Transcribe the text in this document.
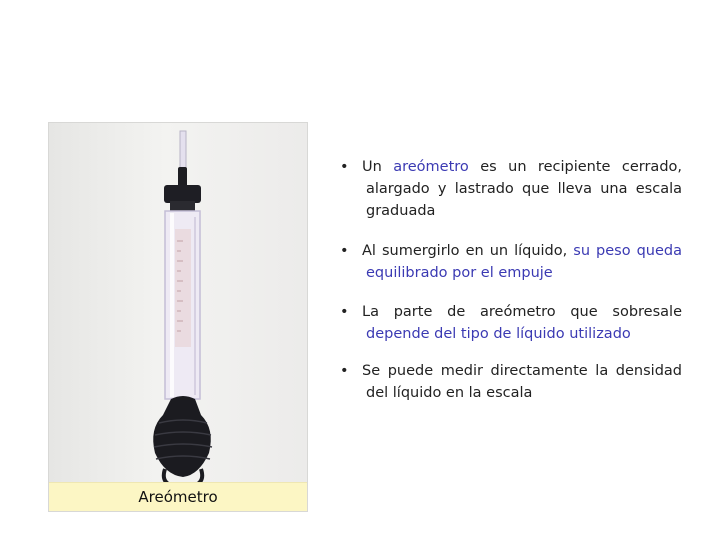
Areómetro
• Un areómetro es un recipiente cerrado, alargado y lastrado que lleva una escala graduada
• Al sumergirlo en un líquido, su peso queda equilibrado por el empuje
• La parte de areómetro que sobresale depende del tipo de líquido utilizado
• Se puede medir directamente la densidad del líquido en la escala
